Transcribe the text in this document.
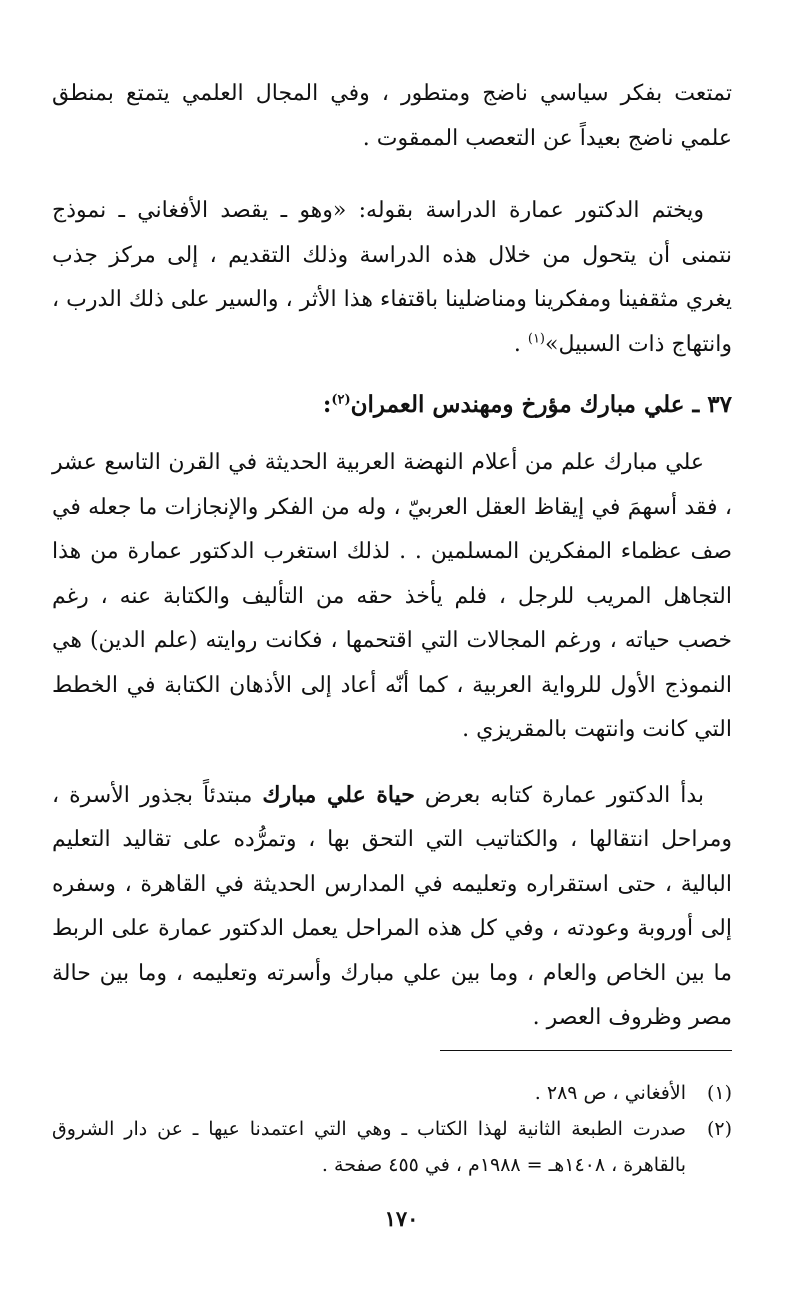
تمتعت بفكر سياسي ناضج ومتطور ، وفي المجال العلمي يتمتع بمنطق علمي ناضج بعيداً عن التعصب الممقوت .

ويختم الدكتور عمارة الدراسة بقوله: «وهو ـ يقصد الأفغاني ـ نموذج نتمنى أن يتحول من خلال هذه الدراسة وذلك التقديم ، إلى مركز جذب يغري مثقفينا ومفكرينا ومناضلينا باقتفاء هذا الأثر ، والسير على ذلك الدرب ، وانتهاج ذات السبيل»$^{(١)}$ .

٣٧ ـ علي مبارك مؤرخ ومهندس العمران$^{(٢)}$:

علي مبارك علم من أعلام النهضة العربية الحديثة في القرن التاسع عشر ، فقد أسهمَ في إيقاظ العقل العربيّ ، وله من الفكر والإنجازات ما جعله في صف عظماء المفكرين المسلمين . . لذلك استغرب الدكتور عمارة من هذا التجاهل المريب للرجل ، فلم يأخذ حقه من التأليف والكتابة عنه ، رغم خصب حياته ، ورغم المجالات التي اقتحمها ، فكانت روايته (علم الدين) هي النموذج الأول للرواية العربية ، كما أنّه أعاد إلى الأذهان الكتابة في الخطط التي كانت وانتهت بالمقريزي .

بدأ الدكتور عمارة كتابه بعرض حياة علي مبارك مبتدئاً بجذور الأسرة ، ومراحل انتقالها ، والكتاتيب التي التحق بها ، وتمرُّده على تقاليد التعليم البالية ، حتى استقراره وتعليمه في المدارس الحديثة في القاهرة ، وسفره إلى أوروبة وعودته ، وفي كل هذه المراحل يعمل الدكتور عمارة على الربط ما بين الخاص والعام ، وما بين علي مبارك وأسرته وتعليمه ، وما بين حالة مصر وظروف العصر .

(١)
الأفغاني ، ص ٢٨٩ .
(٢)
صدرت الطبعة الثانية لهذا الكتاب ـ وهي التي اعتمدنا عيها ـ عن دار الشروق بالقاهرة ، ١٤٠٨هـ = ١٩٨٨م ، في ٤٥٥ صفحة .
١٧٠
